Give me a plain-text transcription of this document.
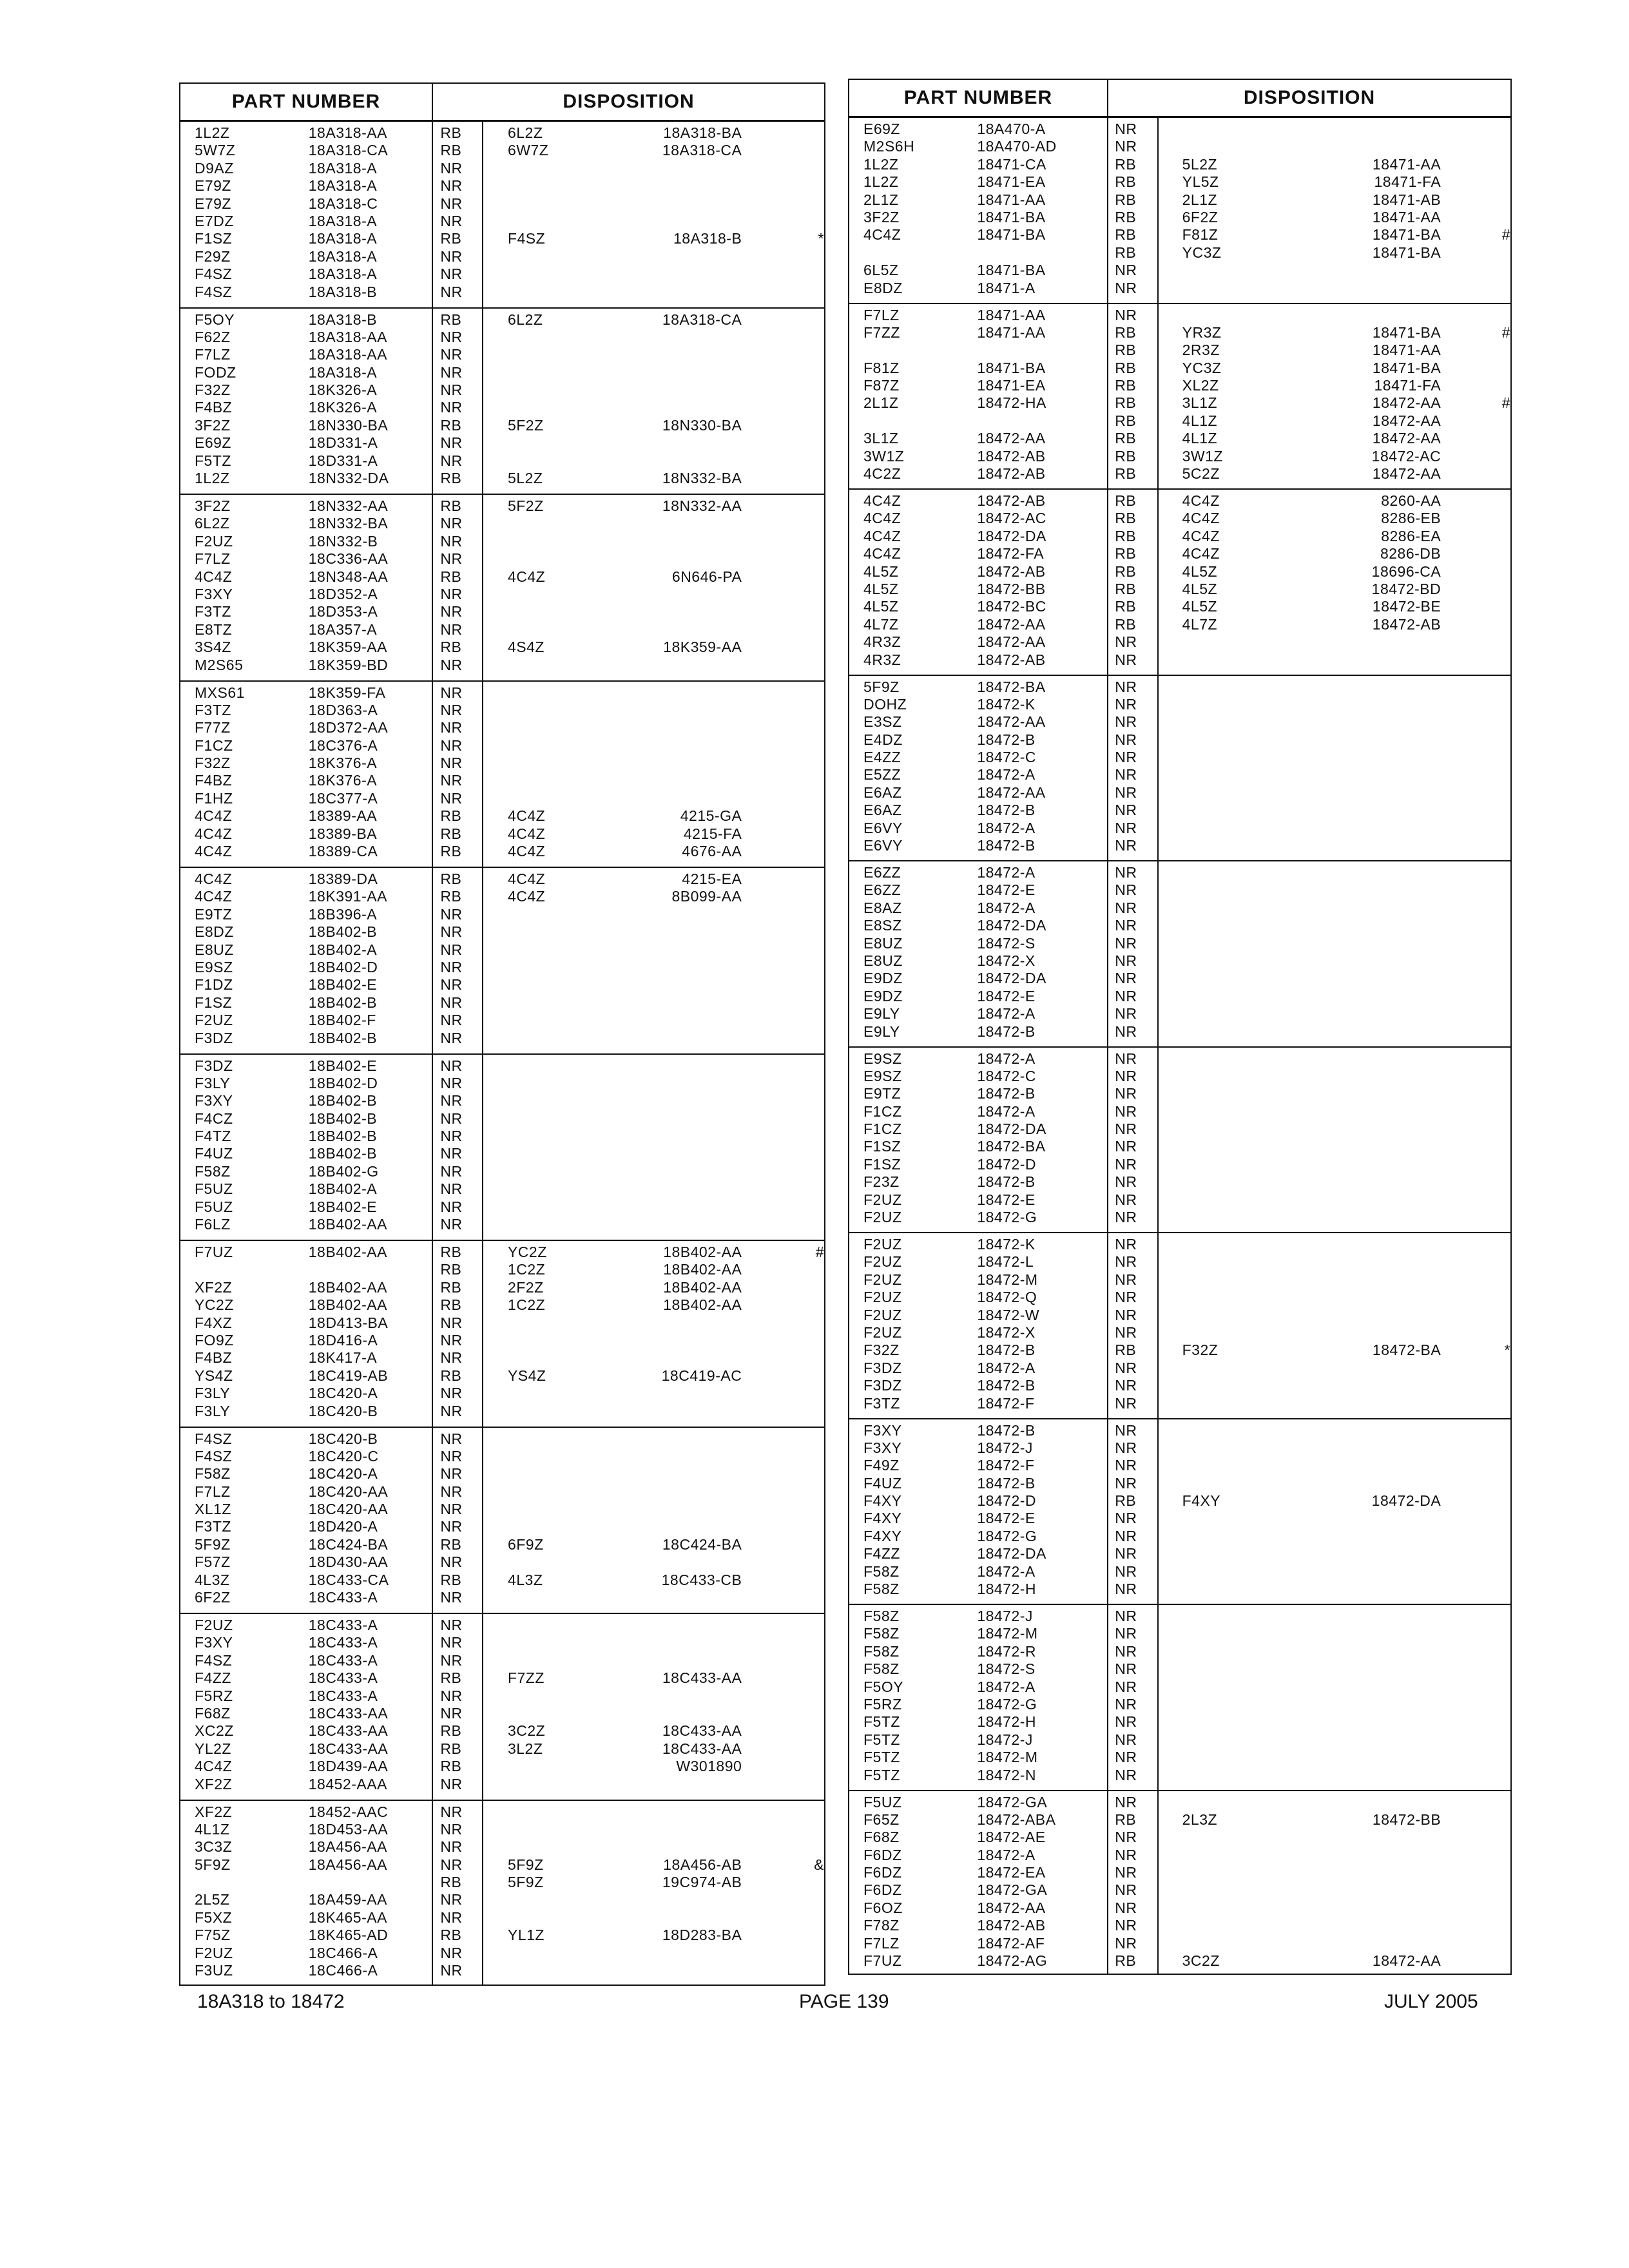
PART NUMBER	DISPOSITION
1L2Z	18A318-AA	RB	6L2Z	18A318-BA
5W7Z	18A318-CA	RB	6W7Z	18A318-CA
D9AZ	18A318-A	NR
E79Z	18A318-A	NR
E79Z	18A318-C	NR
E7DZ	18A318-A	NR
F1SZ	18A318-A	RB	F4SZ	18A318-B	*
F29Z	18A318-A	NR
F4SZ	18A318-A	NR
F4SZ	18A318-B	NR
F5OY	18A318-B	RB	6L2Z	18A318-CA
F62Z	18A318-AA	NR
F7LZ	18A318-AA	NR
FODZ	18A318-A	NR
F32Z	18K326-A	NR
F4BZ	18K326-A	NR
3F2Z	18N330-BA	RB	5F2Z	18N330-BA
E69Z	18D331-A	NR
F5TZ	18D331-A	NR
1L2Z	18N332-DA	RB	5L2Z	18N332-BA
3F2Z	18N332-AA	RB	5F2Z	18N332-AA
6L2Z	18N332-BA	NR
F2UZ	18N332-B	NR
F7LZ	18C336-AA	NR
4C4Z	18N348-AA	RB	4C4Z	6N646-PA
F3XY	18D352-A	NR
F3TZ	18D353-A	NR
E8TZ	18A357-A	NR
3S4Z	18K359-AA	RB	4S4Z	18K359-AA
M2S65	18K359-BD	NR
MXS61	18K359-FA	NR
F3TZ	18D363-A	NR
F77Z	18D372-AA	NR
F1CZ	18C376-A	NR
F32Z	18K376-A	NR
F4BZ	18K376-A	NR
F1HZ	18C377-A	NR
4C4Z	18389-AA	RB	4C4Z	4215-GA
4C4Z	18389-BA	RB	4C4Z	4215-FA
4C4Z	18389-CA	RB	4C4Z	4676-AA
4C4Z	18389-DA	RB	4C4Z	4215-EA
4C4Z	18K391-AA	RB	4C4Z	8B099-AA
E9TZ	18B396-A	NR
E8DZ	18B402-B	NR
E8UZ	18B402-A	NR
E9SZ	18B402-D	NR
F1DZ	18B402-E	NR
F1SZ	18B402-B	NR
F2UZ	18B402-F	NR
F3DZ	18B402-B	NR
F3DZ	18B402-E	NR
F3LY	18B402-D	NR
F3XY	18B402-B	NR
F4CZ	18B402-B	NR
F4TZ	18B402-B	NR
F4UZ	18B402-B	NR
F58Z	18B402-G	NR
F5UZ	18B402-A	NR
F5UZ	18B402-E	NR
F6LZ	18B402-AA	NR
F7UZ	18B402-AA	RB	YC2Z	18B402-AA	#
RB	1C2Z	18B402-AA
XF2Z	18B402-AA	RB	2F2Z	18B402-AA
YC2Z	18B402-AA	RB	1C2Z	18B402-AA
F4XZ	18D413-BA	NR
FO9Z	18D416-A	NR
F4BZ	18K417-A	NR
YS4Z	18C419-AB	RB	YS4Z	18C419-AC
F3LY	18C420-A	NR
F3LY	18C420-B	NR
F4SZ	18C420-B	NR
F4SZ	18C420-C	NR
F58Z	18C420-A	NR
F7LZ	18C420-AA	NR
XL1Z	18C420-AA	NR
F3TZ	18D420-A	NR
5F9Z	18C424-BA	RB	6F9Z	18C424-BA
F57Z	18D430-AA	NR
4L3Z	18C433-CA	RB	4L3Z	18C433-CB
6F2Z	18C433-A	NR
F2UZ	18C433-A	NR
F3XY	18C433-A	NR
F4SZ	18C433-A	NR
F4ZZ	18C433-A	RB	F7ZZ	18C433-AA
F5RZ	18C433-A	NR
F68Z	18C433-AA	NR
XC2Z	18C433-AA	RB	3C2Z	18C433-AA
YL2Z	18C433-AA	RB	3L2Z	18C433-AA
4C4Z	18D439-AA	RB	W301890
XF2Z	18452-AAA	NR
XF2Z	18452-AAC	NR
4L1Z	18D453-AA	NR
3C3Z	18A456-AA	NR
5F9Z	18A456-AA	NR	5F9Z	18A456-AB	&
RB	5F9Z	19C974-AB
2L5Z	18A459-AA	NR
F5XZ	18K465-AA	NR
F75Z	18K465-AD	RB	YL1Z	18D283-BA
F2UZ	18C466-A	NR
F3UZ	18C466-A	NR
PART NUMBER	DISPOSITION
E69Z	18A470-A	NR
M2S6H	18A470-AD	NR
1L2Z	18471-CA	RB	5L2Z	18471-AA
1L2Z	18471-EA	RB	YL5Z	18471-FA
2L1Z	18471-AA	RB	2L1Z	18471-AB
3F2Z	18471-BA	RB	6F2Z	18471-AA
4C4Z	18471-BA	RB	F81Z	18471-BA	#
RB	YC3Z	18471-BA
6L5Z	18471-BA	NR
E8DZ	18471-A	NR
F7LZ	18471-AA	NR
F7ZZ	18471-AA	RB	YR3Z	18471-BA	#
RB	2R3Z	18471-AA
F81Z	18471-BA	RB	YC3Z	18471-BA
F87Z	18471-EA	RB	XL2Z	18471-FA
2L1Z	18472-HA	RB	3L1Z	18472-AA	#
RB	4L1Z	18472-AA
3L1Z	18472-AA	RB	4L1Z	18472-AA
3W1Z	18472-AB	RB	3W1Z	18472-AC
4C2Z	18472-AB	RB	5C2Z	18472-AA
4C4Z	18472-AB	RB	4C4Z	8260-AA
4C4Z	18472-AC	RB	4C4Z	8286-EB
4C4Z	18472-DA	RB	4C4Z	8286-EA
4C4Z	18472-FA	RB	4C4Z	8286-DB
4L5Z	18472-AB	RB	4L5Z	18696-CA
4L5Z	18472-BB	RB	4L5Z	18472-BD
4L5Z	18472-BC	RB	4L5Z	18472-BE
4L7Z	18472-AA	RB	4L7Z	18472-AB
4R3Z	18472-AA	NR
4R3Z	18472-AB	NR
5F9Z	18472-BA	NR
DOHZ	18472-K	NR
E3SZ	18472-AA	NR
E4DZ	18472-B	NR
E4ZZ	18472-C	NR
E5ZZ	18472-A	NR
E6AZ	18472-AA	NR
E6AZ	18472-B	NR
E6VY	18472-A	NR
E6VY	18472-B	NR
E6ZZ	18472-A	NR
E6ZZ	18472-E	NR
E8AZ	18472-A	NR
E8SZ	18472-DA	NR
E8UZ	18472-S	NR
E8UZ	18472-X	NR
E9DZ	18472-DA	NR
E9DZ	18472-E	NR
E9LY	18472-A	NR
E9LY	18472-B	NR
E9SZ	18472-A	NR
E9SZ	18472-C	NR
E9TZ	18472-B	NR
F1CZ	18472-A	NR
F1CZ	18472-DA	NR
F1SZ	18472-BA	NR
F1SZ	18472-D	NR
F23Z	18472-B	NR
F2UZ	18472-E	NR
F2UZ	18472-G	NR
F2UZ	18472-K	NR
F2UZ	18472-L	NR
F2UZ	18472-M	NR
F2UZ	18472-Q	NR
F2UZ	18472-W	NR
F2UZ	18472-X	NR
F32Z	18472-B	RB	F32Z	18472-BA	*
F3DZ	18472-A	NR
F3DZ	18472-B	NR
F3TZ	18472-F	NR
F3XY	18472-B	NR
F3XY	18472-J	NR
F49Z	18472-F	NR
F4UZ	18472-B	NR
F4XY	18472-D	RB	F4XY	18472-DA
F4XY	18472-E	NR
F4XY	18472-G	NR
F4ZZ	18472-DA	NR
F58Z	18472-A	NR
F58Z	18472-H	NR
F58Z	18472-J	NR
F58Z	18472-M	NR
F58Z	18472-R	NR
F58Z	18472-S	NR
F5OY	18472-A	NR
F5RZ	18472-G	NR
F5TZ	18472-H	NR
F5TZ	18472-J	NR
F5TZ	18472-M	NR
F5TZ	18472-N	NR
F5UZ	18472-GA	NR
F65Z	18472-ABA	RB	2L3Z	18472-BB
F68Z	18472-AE	NR
F6DZ	18472-A	NR
F6DZ	18472-EA	NR
F6DZ	18472-GA	NR
F6OZ	18472-AA	NR
F78Z	18472-AB	NR
F7LZ	18472-AF	NR
F7UZ	18472-AG	RB	3C2Z	18472-AA
18A318 to 18472	PAGE 139	JULY 2005
